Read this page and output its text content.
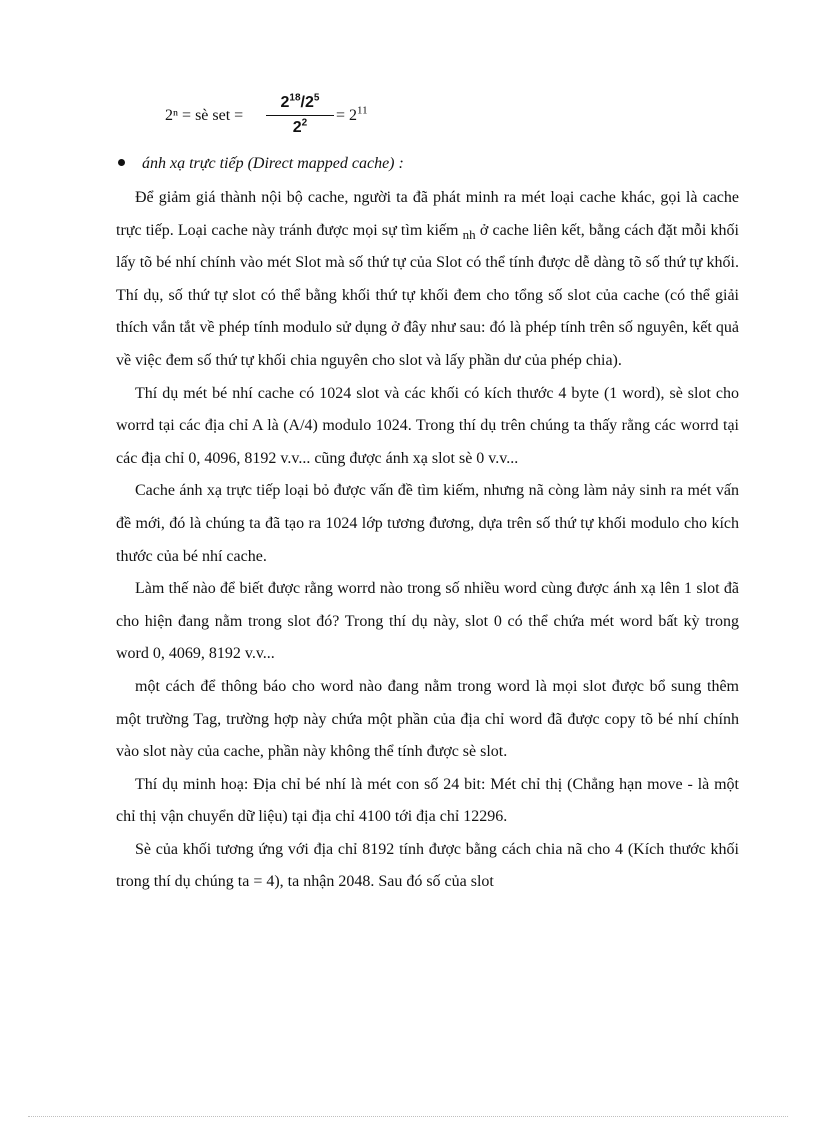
2ⁿ = sè set =
$2^{18}/2^5$
$2^2$	= $2^{11}$
ánh xạ trực tiếp (Direct mapped cache) :

Để giảm giá thành nội bộ cache, người ta đã phát minh ra mét loại cache khác, gọi là cache trực tiếp. Loại cache này tránh được mọi sự tìm kiếm $_{nh}$ ở cache liên kết, bằng cách đặt mỗi khối lấy tõ bé nhí chính vào mét Slot mà số thứ tự của Slot có thể tính được dễ dàng tõ số thứ tự khối. Thí dụ, số thứ tự slot có thể bằng khối thứ tự khối đem cho tổng số slot của cache (có thể giải thích vắn tắt về phép tính modulo sử dụng ở đây như sau: đó là phép tính trên số nguyên, kết quả về việc đem số thứ tự khối chia nguyên cho slot và lấy phần dư của phép chia).

Thí dụ mét bé nhí cache có 1024 slot và các khối có kích thước 4 byte (1 word), sè slot cho worrd tại các địa chỉ A là (A/4) modulo 1024. Trong thí dụ trên chúng ta thấy rằng các worrd tại các địa chỉ 0, 4096, 8192 v.v... cũng được ánh xạ slot sè 0 v.v...

Cache ánh xạ trực tiếp loại bỏ được vấn đề tìm kiếm, nhưng nã còng làm nảy sinh ra mét vấn đề mới, đó là chúng ta đã tạo ra 1024 lớp tương đương, dựa trên số thứ tự khối modulo cho kích thước của bé nhí cache.

Làm thế nào để biết được rằng worrd nào trong số nhiều word cùng được ánh xạ lên 1 slot đã cho hiện đang nằm trong slot đó? Trong thí dụ này, slot 0 có thể chứa mét word bất kỳ trong word 0, 4069, 8192 v.v...

một cách để thông báo cho word nào đang nằm trong word là mọi slot được bổ sung thêm một trường Tag, trường hợp này chứa một phần của địa chỉ word đã được copy tõ bé nhí chính vào slot này của cache, phần này không thể tính được sè slot.

Thí dụ minh hoạ: Địa chỉ bé nhí là mét con số 24 bit: Mét chỉ thị (Chẳng hạn move - là một chỉ thị vận chuyển dữ liệu) tại địa chỉ 4100 tới địa chỉ 12296.

Sè của khối tương ứng với địa chỉ 8192 tính được bằng cách chia nã cho 4 (Kích thước khối trong thí dụ chúng ta = 4), ta nhận 2048. Sau đó số của slot
